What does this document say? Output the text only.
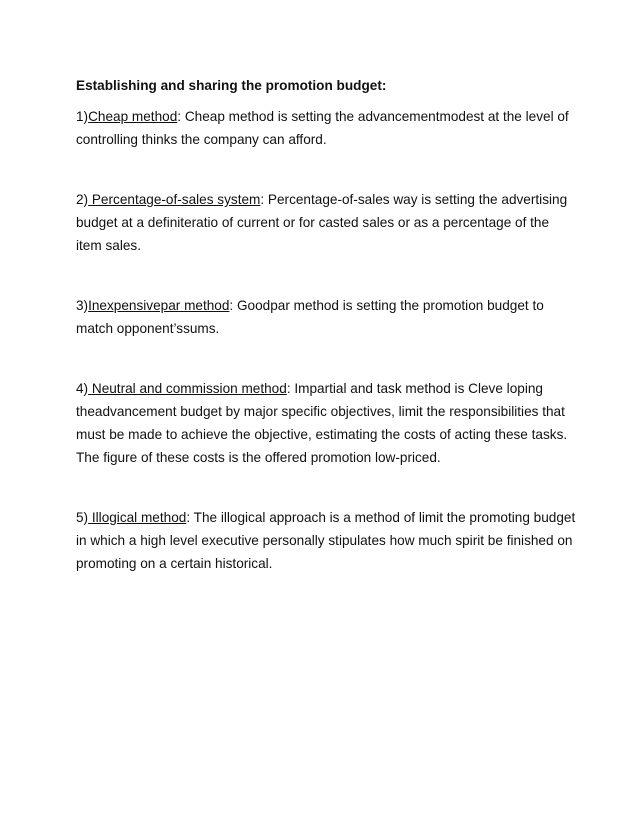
Establishing and sharing the promotion budget:

1)Cheap method: Cheap method is setting the advancementmodest at the level of controlling thinks the company can afford.

2) Percentage-of-sales system: Percentage-of-sales way is setting the advertising budget at a definiteratio of current or for casted sales or as a percentage of the item sales.

3)Inexpensivepar method: Goodpar method is setting the promotion budget to match opponent’ssums.

4) Neutral and commission method: Impartial and task method is Cleve loping theadvancement budget by major specific objectives, limit the responsibilities that must be made to achieve the objective, estimating the costs of acting these tasks. The figure of these costs is the offered promotion low-priced.

5) Illogical method: The illogical approach is a method of limit the promoting budget in which a high level executive personally stipulates how much spirit be finished on promoting on a certain historical.
